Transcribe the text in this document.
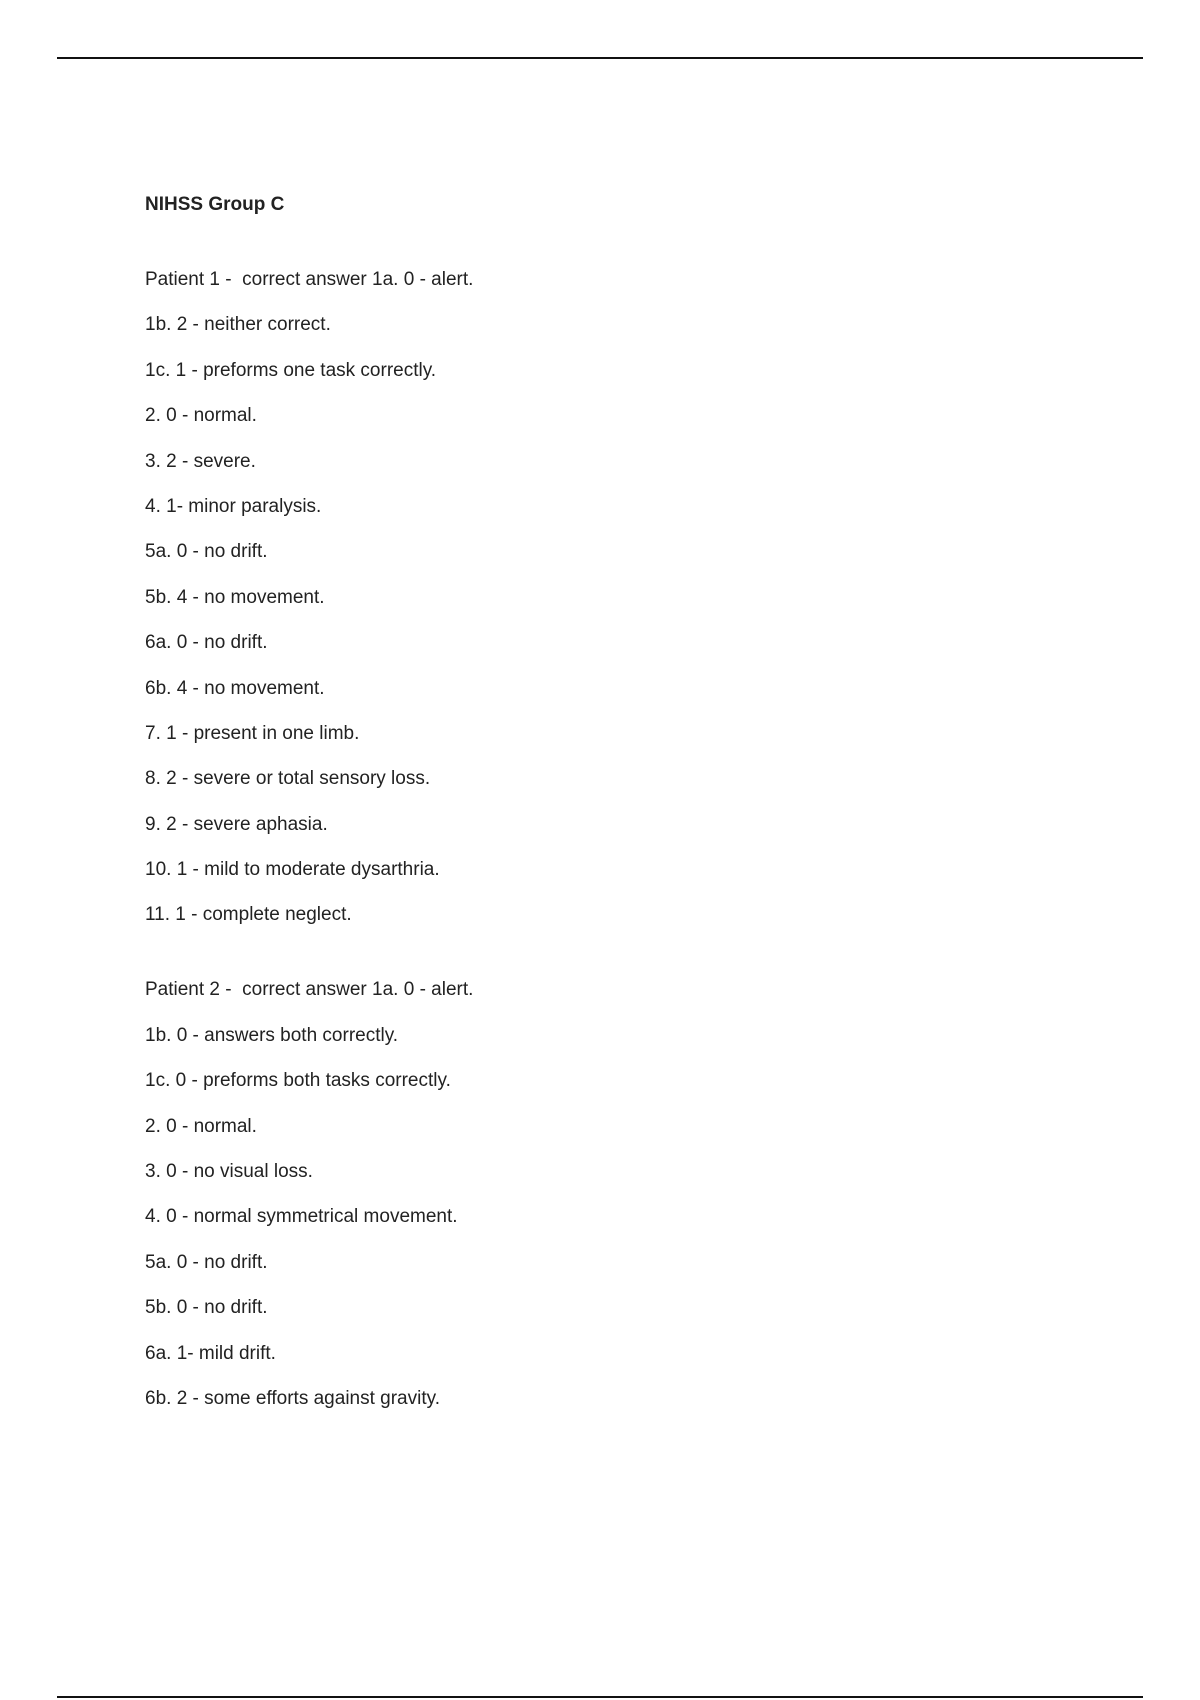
NIHSS Group C
Patient 1 -  correct answer 1a. 0 - alert.
1b. 2 - neither correct.
1c. 1 - preforms one task correctly.
2. 0 - normal.
3. 2 - severe.
4. 1- minor paralysis.
5a. 0 - no drift.
5b. 4 - no movement.
6a. 0 - no drift.
6b. 4 - no movement.
7. 1 - present in one limb.
8. 2 - severe or total sensory loss.
9. 2 - severe aphasia.
10. 1 - mild to moderate dysarthria.
11. 1 - complete neglect.
Patient 2 -  correct answer 1a. 0 - alert.
1b. 0 - answers both correctly.
1c. 0 - preforms both tasks correctly.
2. 0 - normal.
3. 0 - no visual loss.
4. 0 - normal symmetrical movement.
5a. 0 - no drift.
5b. 0 - no drift.
6a. 1- mild drift.
6b. 2 - some efforts against gravity.
